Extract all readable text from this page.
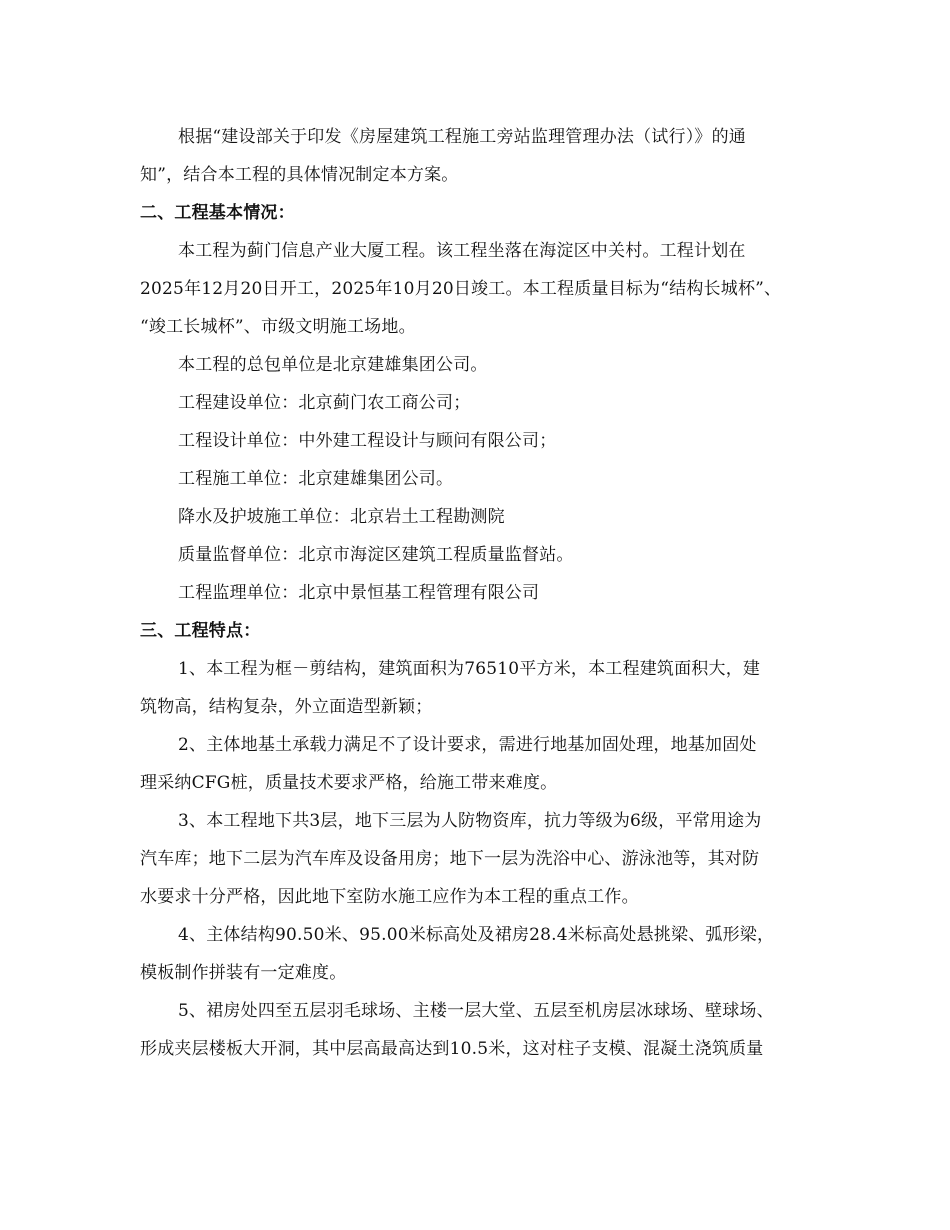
根据“建设部关于印发《房屋建筑工程施工旁站监理管理办法（试行）》的通
知”，结合本工程的具体情况制定本方案。
二、工程基本情况：
本工程为蓟门信息产业大厦工程。该工程坐落在海淀区中关村。工程计划在
2025年12月20日开工，2025年10月20日竣工。本工程质量目标为“结构长城杯”、
“竣工长城杯”、市级文明施工场地。
本工程的总包单位是北京建雄集团公司。
工程建设单位：北京蓟门农工商公司；
工程设计单位：中外建工程设计与顾问有限公司；
工程施工单位：北京建雄集团公司。
降水及护坡施工单位：北京岩土工程勘测院
质量监督单位：北京市海淀区建筑工程质量监督站。
工程监理单位：北京中景恒基工程管理有限公司
三、工程特点：
1、本工程为框－剪结构，建筑面积为76510平方米，本工程建筑面积大，建
筑物高，结构复杂，外立面造型新颖；
2、主体地基土承载力满足不了设计要求，需进行地基加固处理，地基加固处
理采纳CFG桩，质量技术要求严格，给施工带来难度。
3、本工程地下共3层，地下三层为人防物资库，抗力等级为6级，平常用途为
汽车库；地下二层为汽车库及设备用房；地下一层为洗浴中心、游泳池等，其对防
水要求十分严格，因此地下室防水施工应作为本工程的重点工作。
4、主体结构90.50米、95.00米标高处及裙房28.4米标高处悬挑梁、弧形梁，
模板制作拼装有一定难度。
5、裙房处四至五层羽毛球场、主楼一层大堂、五层至机房层冰球场、壁球场、
形成夹层楼板大开洞，其中层高最高达到10.5米，这对柱子支模、混凝土浇筑质量
